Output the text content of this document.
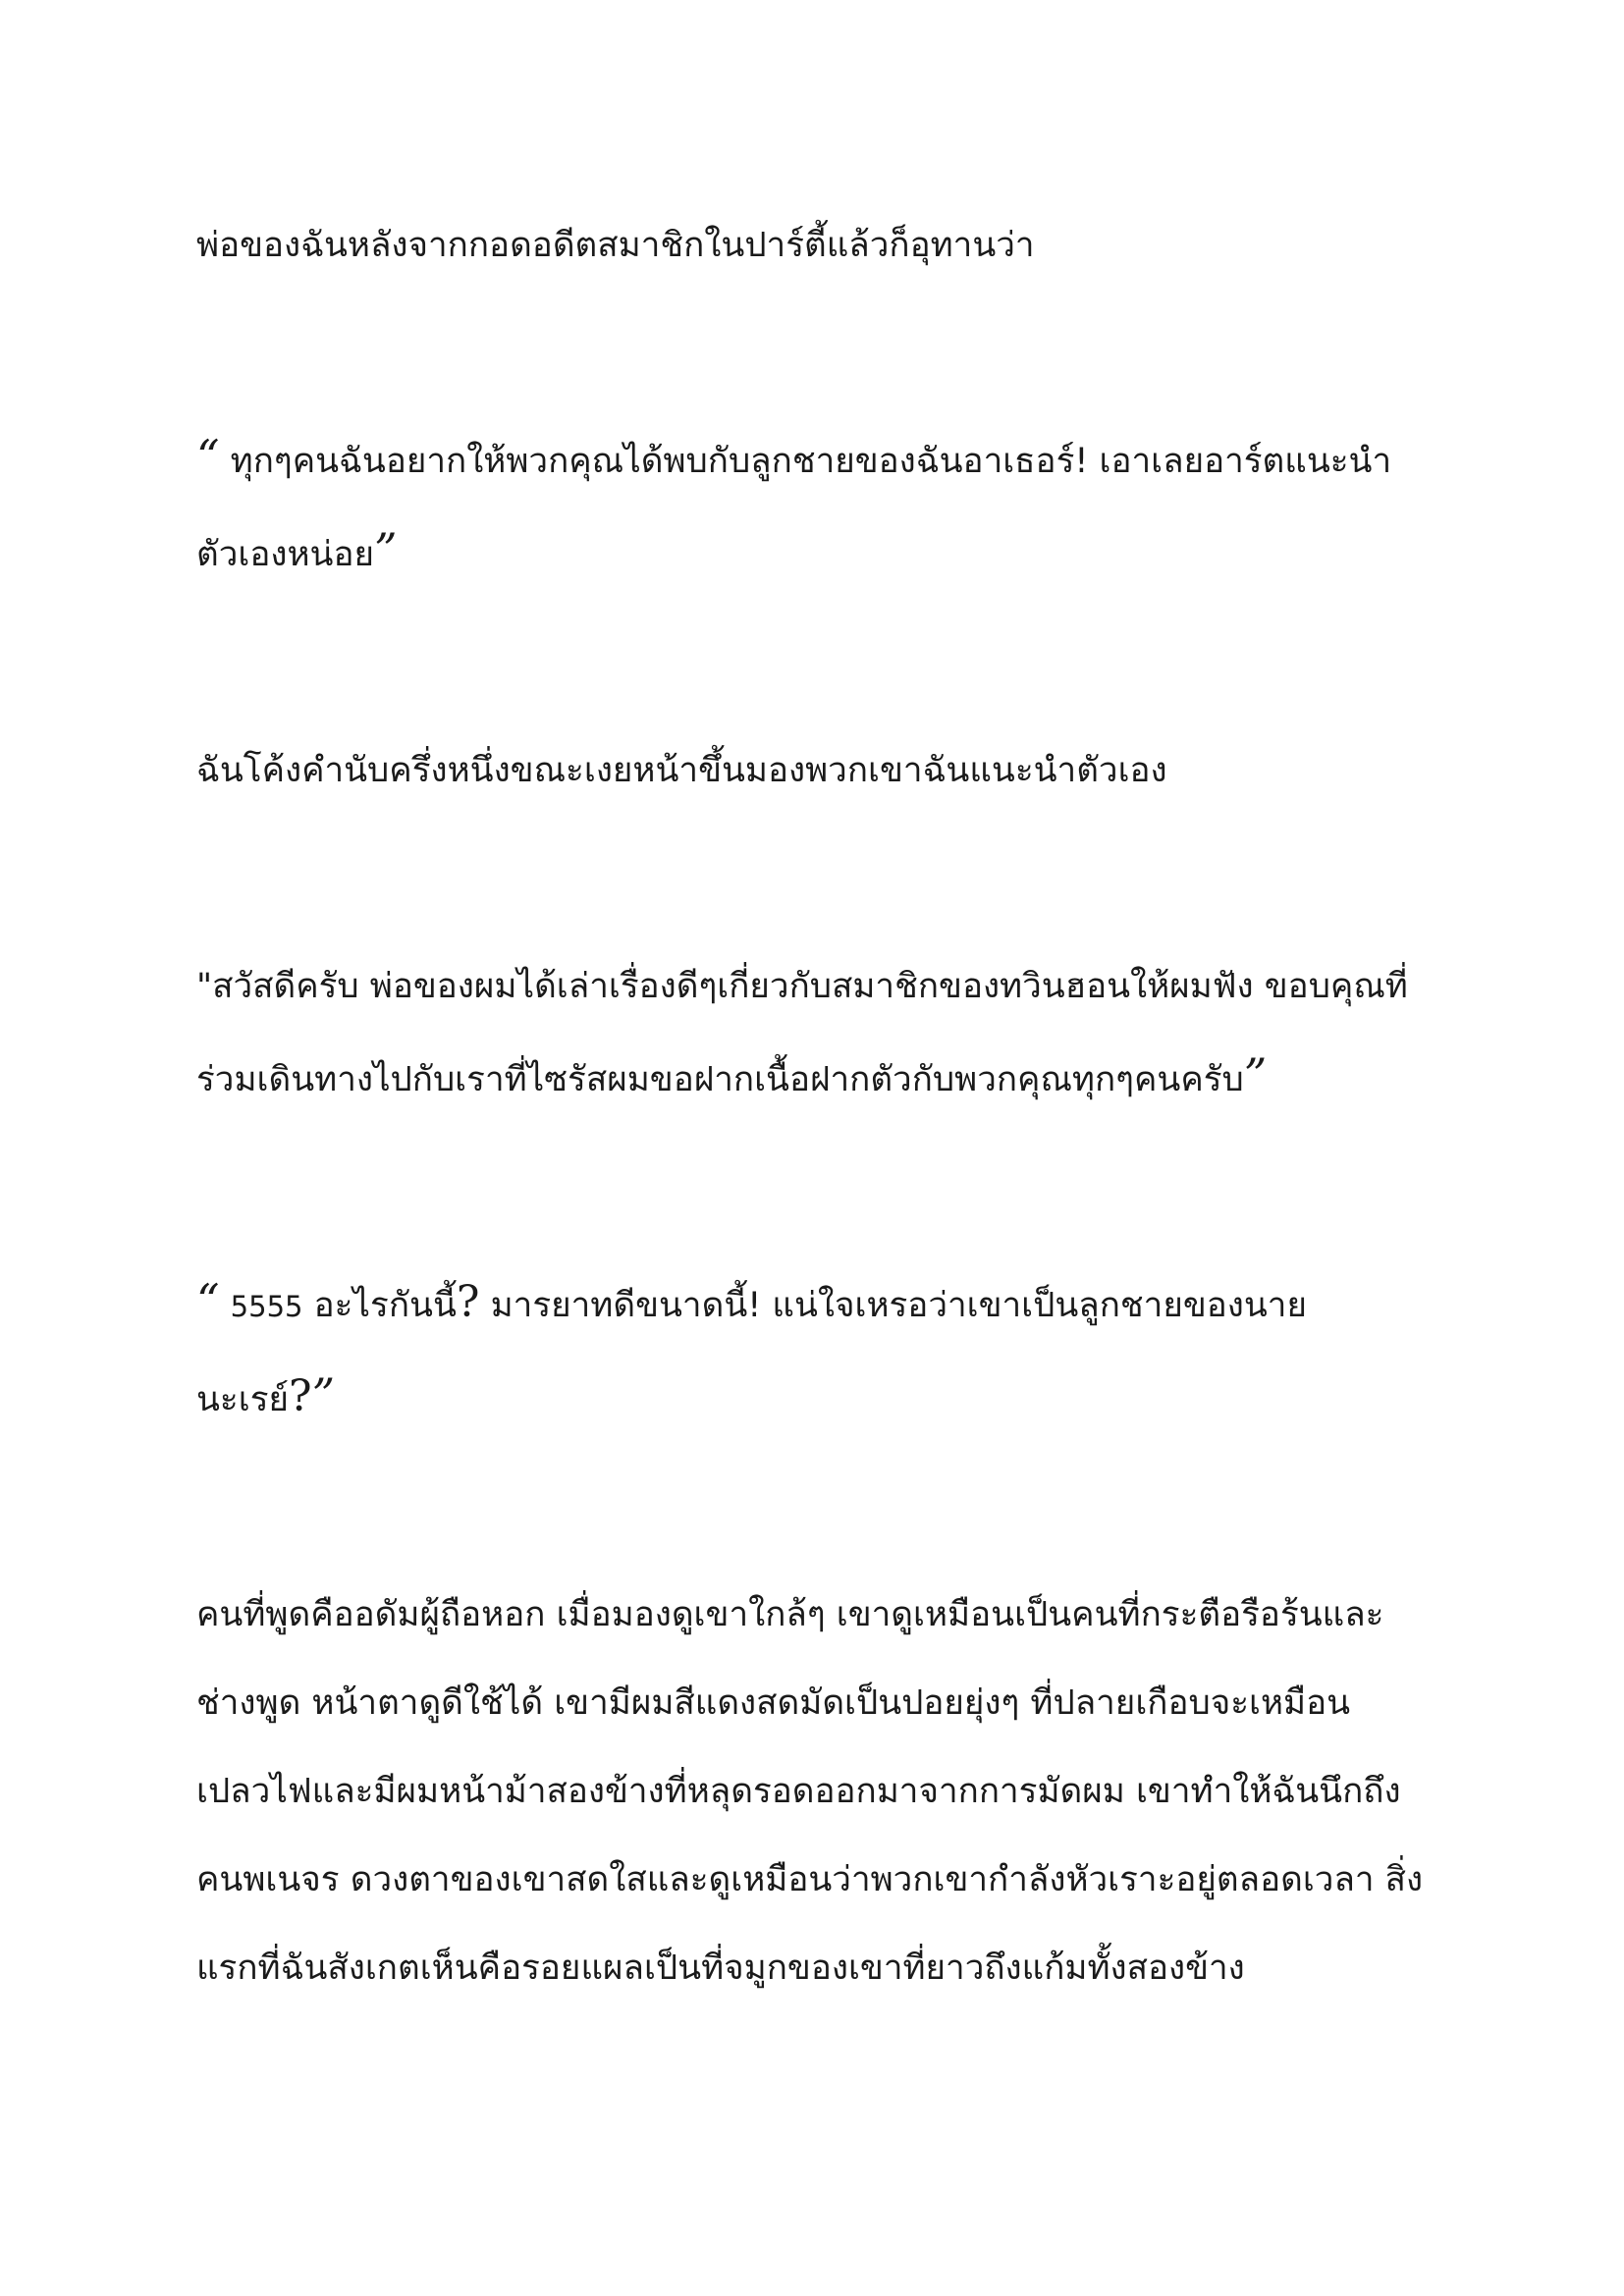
พ่อของฉันหลังจากกอดอดีตสมาชิกในปาร์ตี้แล้วก็อุทานว่า

“ ทุกๆคนฉันอยากให้พวกคุณได้พบกับลูกชายของฉันอาเธอร์! เอาเลยอาร์ตแนะนำ
ตัวเองหน่อย”

ฉันโค้งคำนับครึ่งหนึ่งขณะเงยหน้าขึ้นมองพวกเขาฉันแนะนำตัวเอง

"สวัสดีครับ พ่อของผมได้เล่าเรื่องดีๆเกี่ยวกับสมาชิกของทวินฮอนให้ผมฟัง ขอบคุณที่
ร่วมเดินทางไปกับเราที่ไซรัสผมขอฝากเนื้อฝากตัวกับพวกคุณทุกๆคนครับ”

“ 5555 อะไรกันนี้? มารยาทดีขนาดนี้! แน่ใจเหรอว่าเขาเป็นลูกชายของนาย
นะเรย์?”

คนที่พูดคืออดัมผู้ถือหอก เมื่อมองดูเขาใกล้ๆ เขาดูเหมือนเป็นคนที่กระตือรือร้นและ
ช่างพูด หน้าตาดูดีใช้ได้ เขามีผมสีแดงสดมัดเป็นปอยยุ่งๆ ที่ปลายเกือบจะเหมือน
เปลวไฟและมีผมหน้าม้าสองข้างที่หลุดรอดออกมาจากการมัดผม เขาทำให้ฉันนึกถึง
คนพเนจร ดวงตาของเขาสดใสและดูเหมือนว่าพวกเขากำลังหัวเราะอยู่ตลอดเวลา สิ่ง
แรกที่ฉันสังเกตเห็นคือรอยแผลเป็นที่จมูกของเขาที่ยาวถึงแก้มทั้งสองข้าง
